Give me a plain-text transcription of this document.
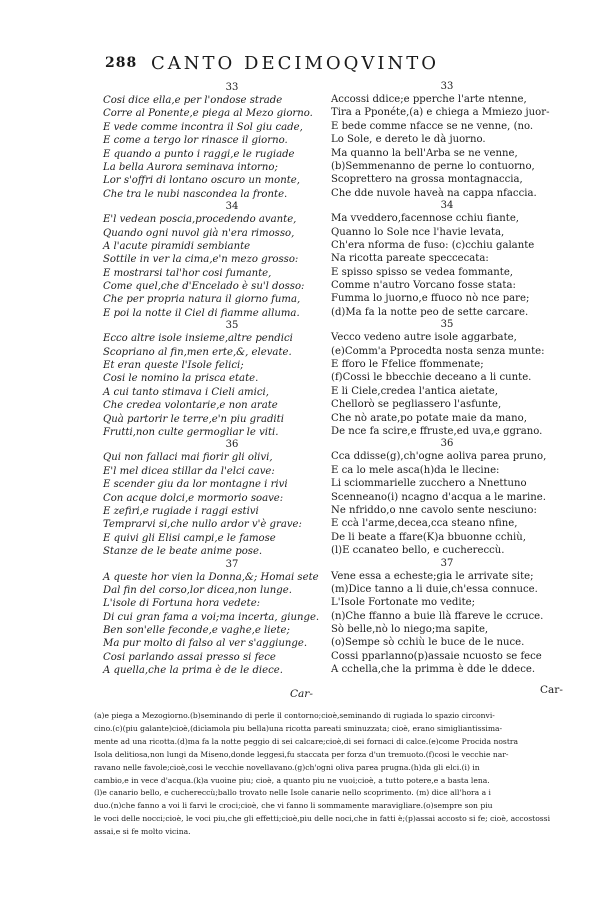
288 CANTO DECIMOQVINTO
33
Cosi dice ella,e per l'ondose strade
Corre al Ponente,e piega al Mezo giorno.
E vede comme incontra il Sol giu cade,
E come a tergo lor rinasce il giorno.
E quando a punto i raggi,e le rugiade
La bella Aurora seminava intorno;
Lor s'offri di lontano oscuro un monte,
Che tra le nubi nascondea la fronte.
34
E'l vedean poscia,procedendo avante,
Quando ogni nuvol già n'era rimosso,
A l'acute piramidi sembiante
Sottile in ver la cima,e'n mezo grosso:
E mostrarsi tal'hor cosi fumante,
Come quel,che d'Encelado è su'l dosso:
Che per propria natura il giorno fuma,
E poi la notte il Ciel di fiamme alluma.
35
Ecco altre isole insieme,altre pendici
Scopriano al fin,men erte,&, elevate.
Et eran queste l'Isole felici;
Cosi le nomino la prisca etate.
A cui tanto stimava i Cieli amici,
Che credea volontarie,e non arate
Quà partorir le terre,e'n piu graditi
Frutti,non culte germogliar le viti.
36
Qui non fallaci mai fiorir gli olivi,
E'l mel dicea stillar da l'elci cave:
E scender giu da lor montagne i rivi
Con acque dolci,e mormorio soave:
E zefiri,e rugiade i raggi estivi
Temprarvi si,che nullo ardor v'è grave:
E quivi gli Elisi campi,e le famose
Stanze de le beate anime pose.
37
A queste hor vien la Donna,&; Homai sete
Dal fin del corso,lor dicea,non lunge.
L'isole di Fortuna hora vedete:
Di cui gran fama a voi;ma incerta, giunge.
Ben son'elle feconde,e vaghe,e liete;
Ma pur molto di falso al ver s'aggiunge.
Cosi parlando assai presso si fece
A quella,che la prima è de le diece.
33
Accossi ddice;e pperche l'arte ntenne,
Tira a Pponéte,(a) e chiega a Mmiezo juor-
E bede comme nfacce se ne venne, (no.
Lo Sole, e dereto le dà juorno.
Ma quanno la bell'Arba se ne venne,
(b)Semmenanno de perne lo contuorno,
Scoprettero na grossa montagnaccia,
Che dde nuvole haveà na cappa nfaccia.
34
Ma vveddero,facennose cchiu fiante,
Quanno lo Sole nce l'havie levata,
Ch'era nforma de fuso: (c)cchiu galante
Na ricotta pareate speccecata:
E spisso spisso se vedea fommante,
Comme n'autro Vorcano fosse stata:
Fumma lo juorno,e ffuoco nò nce pare;
(d)Ma fa la notte peo de sette carcare.
35
Vecco vedeno autre isole aggarbate,
(e)Comm'a Pprocedta nosta senza munte:
E fforo le Ffelice ffommenate;
(f)Cossi le bbecchie deceano a li cunte.
E li Ciele,credea l'antica aietate,
Chellorò se pegliassero l'asfunte,
Che nò arate,po potate maie da mano,
De nce fa scire,e ffruste,ed uva,e ggrano.
36
Cca ddisse(g),ch'ogne aoliva parea pruno,
E ca lo mele asca(h)da le llecine:
Li sciommarielle zucchero a Nnettuno
Scenneano(i) ncagno d'acqua a le marine.
Ne nfriddo,o nne cavolo sente nesciuno:
E ccà l'arme,decea,cca steano nfine,
De li beate a ffare(K)a bbuonne cchiù,
(l)E ccanateo bello, e cuchereccù.
37
Vene essa a echeste;gia le arrivate site;
(m)Dice tanno a li duie,ch'essa connuce.
L'Isole Fortonate mo vedite;
(n)Che ffanno a buie llà ffareve le ccruce.
Sò belle,nò lo niego;ma sapite,
(o)Sempe sò cchiù le buce de le nuce.
Cossi pparlanno(p)assaie ncuosto se fece
A cchella,che la primma è dde le ddece.
Car-	Car-
(a)e piega a Mezogiorno.(b)seminando di perle il contorno;cioè,seminando di rugiada lo spazio circonvi-
cino.(c)(piu galante)cioè,(dicìamola piu bella)una ricotta pareati sminuzzata; cioè, erano simigliantissima-
mente ad una ricotta.(d)ma fa la notte peggio di sei calcare;cioè,di sei fornaci di calce.(e)come Procida nostra
Isola delitiosa,non lungi da Miseno,donde leggesi,fu staccata per forza d'un tremuoto.(f)cosi le vecchie nar-
ravano nelle favole;cioè,cosi le vecchie novellavano.(g)ch'ogni oliva parea prugna.(h)da gli elci.(i) in
cambio,e in vece d'acqua.(k)a vuoine piu; cioè, a quanto piu ne vuoi;cioè, a tutto potere,e a basta lena.
(l)e canario bello, e cuchereccù;ballo trovato nelle Isole canarie nello scoprimento. (m) dice all'hora a i
duo.(n)che fanno a voi li farvi le croci;cioè, che vi fanno li sommamente maravigliare.(o)sempre son piu
le voci delle nocci;cioè, le voci piu,che gli effetti;cioè,piu delle noci,che in fatti è;(p)assai accosto si fe; cioè, accostossi
assai,e si fe molto vicina.
